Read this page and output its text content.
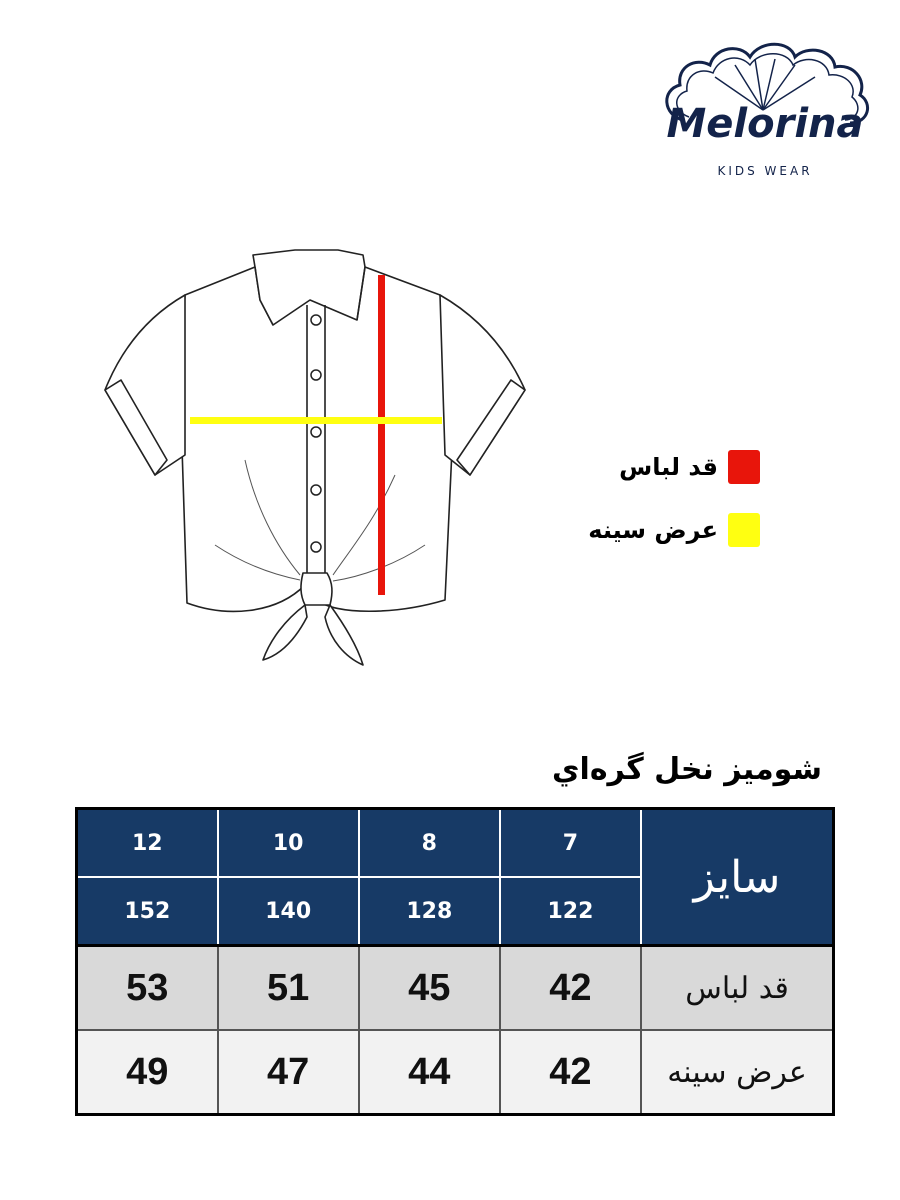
Melorina
KIDS WEAR
قد لباس
عرض سینه
شومیز نخل گره‌اي
12	10	8	7	سایز
152	140	128	122	
53	51	45	42	قد لباس
49	47	44	42	عرض سینه
